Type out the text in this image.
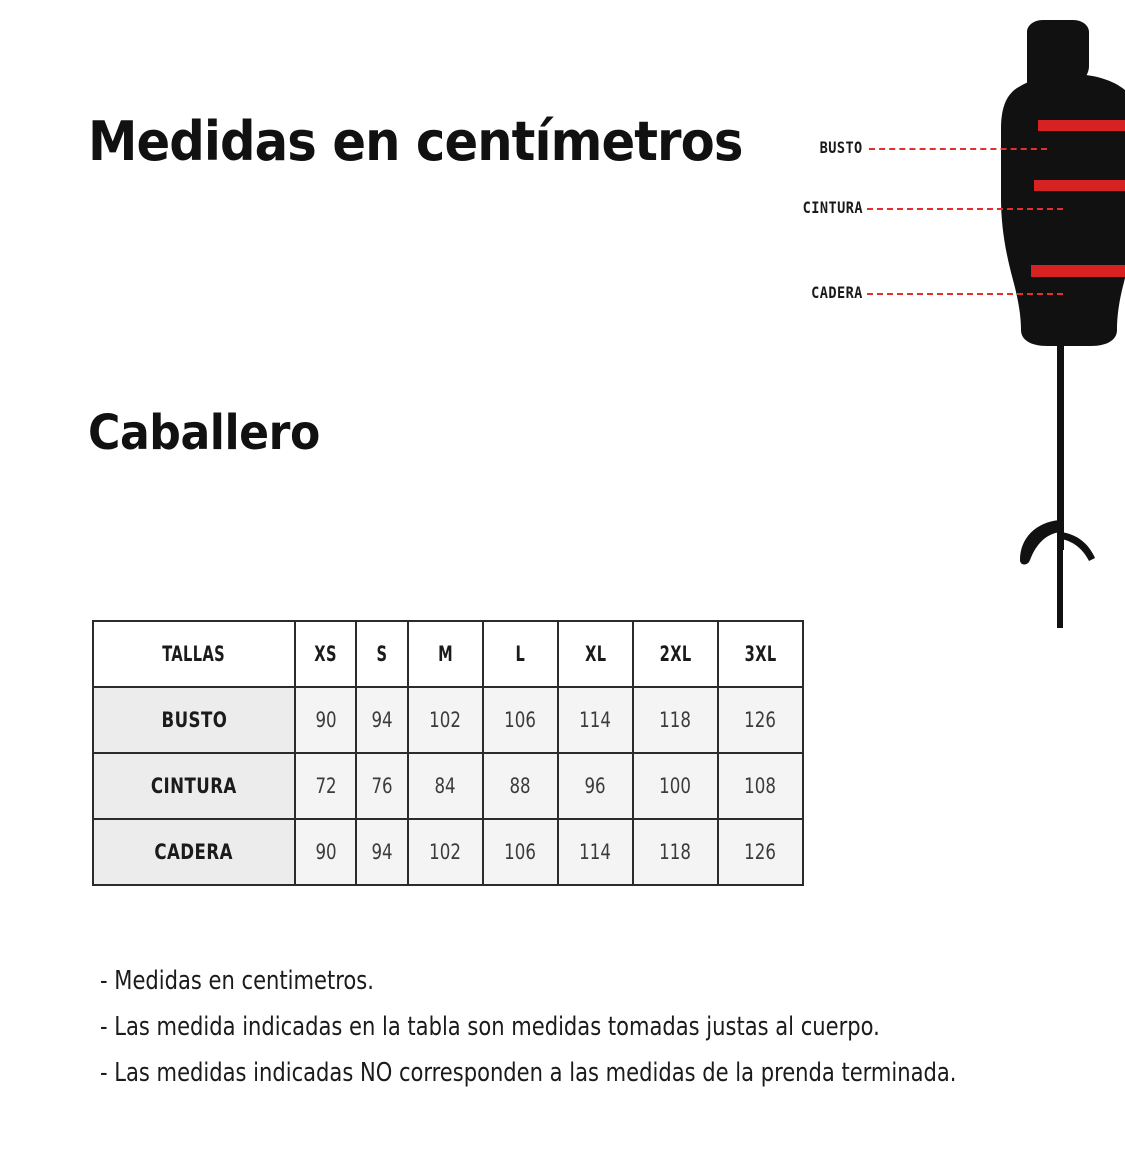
Medidas en centímetros
Caballero
BUSTO
CINTURA
CADERA
TALLAS	XS	S	M	L	XL	2XL	3XL
BUSTO	90	94	102	106	114	118	126
CINTURA	72	76	84	88	96	100	108
CADERA	90	94	102	106	114	118	126
- Medidas en centimetros.
- Las medida indicadas en la tabla son medidas tomadas justas al cuerpo.
- Las medidas indicadas NO corresponden a las medidas de la prenda terminada.
